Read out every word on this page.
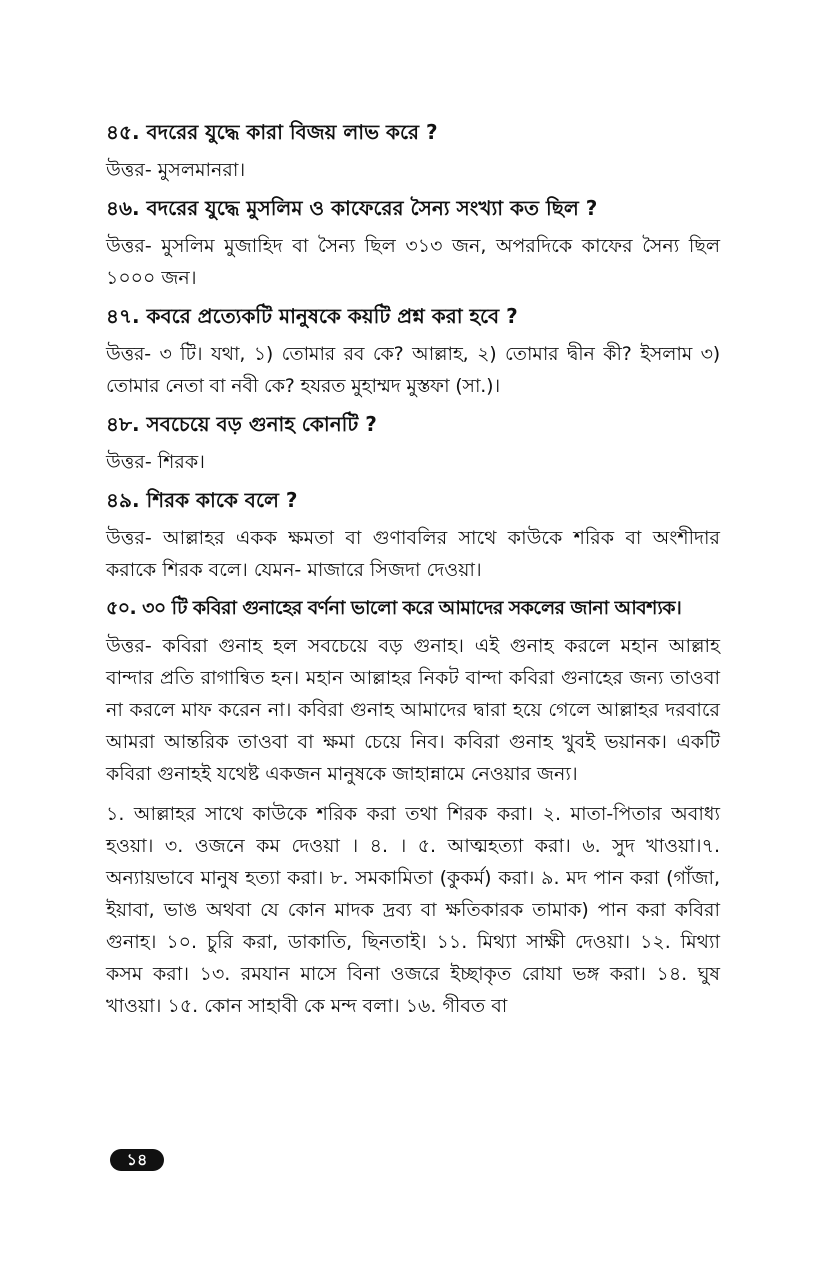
৪৫. বদরের যুদ্ধে কারা বিজয় লাভ করে ?

উত্তর- মুসলমানরা।

৪৬. বদরের যুদ্ধে মুসলিম ও কাফেরের সৈন্য সংখ্যা কত ছিল ?

উত্তর- মুসলিম মুজাহিদ বা সৈন্য ছিল ৩১৩ জন, অপরদিকে কাফের সৈন্য ছিল ১০০০ জন।

৪৭. কবরে প্রত্যেকটি মানুষকে কয়টি প্রশ্ন করা হবে ?

উত্তর- ৩ টি। যথা, ১) তোমার রব কে? আল্লাহ, ২) তোমার দ্বীন কী? ইসলাম ৩) তোমার নেতা বা নবী কে? হযরত মুহাম্মদ মুস্তফা (সা.)।

৪৮. সবচেয়ে বড় গুনাহ কোনটি ?

উত্তর- শিরক।

৪৯. শিরক কাকে বলে ?

উত্তর- আল্লাহর একক ক্ষমতা বা গুণাবলির সাথে কাউকে শরিক বা অংশীদার করাকে শিরক বলে। যেমন- মাজারে সিজদা দেওয়া।

৫০. ৩০ টি কবিরা গুনাহের বর্ণনা ভালো করে আমাদের সকলের জানা আবশ্যক।

উত্তর- কবিরা গুনাহ হল সবচেয়ে বড় গুনাহ। এই গুনাহ করলে মহান আল্লাহ বান্দার প্রতি রাগান্বিত হন। মহান আল্লাহর নিকট বান্দা কবিরা গুনাহের জন্য তাওবা না করলে মাফ করেন না। কবিরা গুনাহ আমাদের দ্বারা হয়ে গেলে আল্লাহর দরবারে আমরা আন্তরিক তাওবা বা ক্ষমা চেয়ে নিব। কবিরা গুনাহ খুবই ভয়ানক। একটি কবিরা গুনাহই যথেষ্ট একজন মানুষকে জাহান্নামে নেওয়ার জন্য।

১. আল্লাহর সাথে কাউকে শরিক করা তথা শিরক করা। ২. মাতা-পিতার অবাধ্য হওয়া। ৩. ওজনে কম দেওয়া । ৪. । ৫. আত্মহত্যা করা। ৬. সুদ খাওয়া।৭. অন্যায়ভাবে মানুষ হত্যা করা। ৮. সমকামিতা (কুকর্ম) করা। ৯. মদ পান করা (গাঁজা, ইয়াবা, ভাঙ অথবা যে কোন মাদক দ্রব্য বা ক্ষতিকারক তামাক) পান করা কবিরা গুনাহ। ১০. চুরি করা, ডাকাতি, ছিনতাই। ১১. মিথ্যা সাক্ষী দেওয়া। ১২. মিথ্যা কসম করা। ১৩. রমযান মাসে বিনা ওজরে ইচ্ছাকৃত রোযা ভঙ্গ করা। ১৪. ঘুষ খাওয়া। ১৫. কোন সাহাবী কে মন্দ বলা। ১৬. গীবত বা

১৪
